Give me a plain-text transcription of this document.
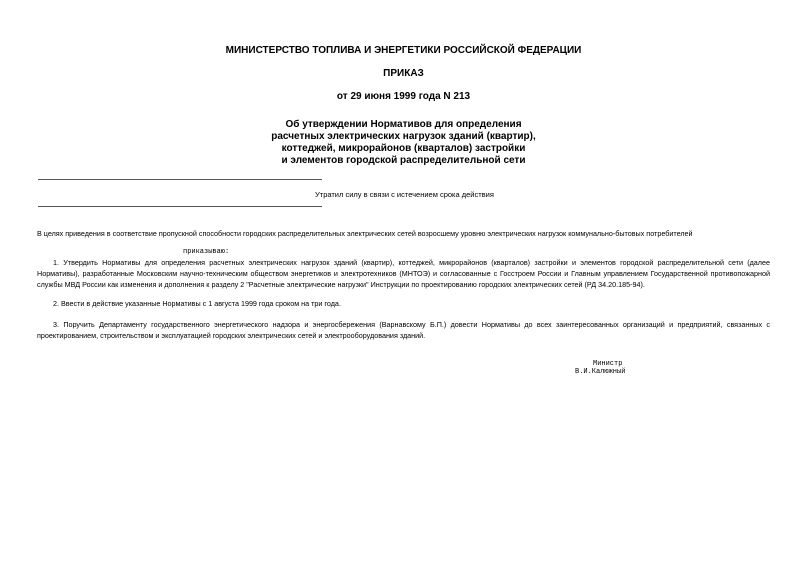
МИНИСТЕРСТВО ТОПЛИВА И ЭНЕРГЕТИКИ РОССИЙСКОЙ ФЕДЕРАЦИИ
ПРИКАЗ
от 29 июня 1999 года N 213
Об утверждении Нормативов для определения
расчетных электрических нагрузок зданий (квартир),
коттеджей, микрорайонов (кварталов) застройки
и элементов городской распределительной сети
Утратил силу в связи с истечением срока действия
В целях приведения в соответствие пропускной способности городских распределительных электрических сетей возросшему уровню электрических нагрузок коммунально-бытовых потребителей
приказываю:
1. Утвердить Нормативы для определения расчетных электрических нагрузок зданий (квартир), коттеджей, микрорайонов (кварталов) застройки и элементов городской распределительной сети (далее Нормативы), разработанные Московским научно-техническим обществом энергетиков и электротехников (МНТОЭ) и согласованные с Госстроем России и Главным управлением Государственной противопожарной службы МВД России как изменения и дополнения к разделу 2 "Расчетные электрические нагрузки" Инструкции по проектированию городских электрических сетей (РД 34.20.185-94).
2. Ввести в действие указанные Нормативы с 1 августа 1999 года сроком на три года.
3. Поручить Департаменту государственного энергетического надзора и энергосбережения (Варнавскому Б.П.) довести Нормативы до всех заинтересованных организаций и предприятий, связанных с проектированием, строительством и эксплуатацией городских электрических сетей и электрооборудования зданий.
Министр
В.И.Калюжный
